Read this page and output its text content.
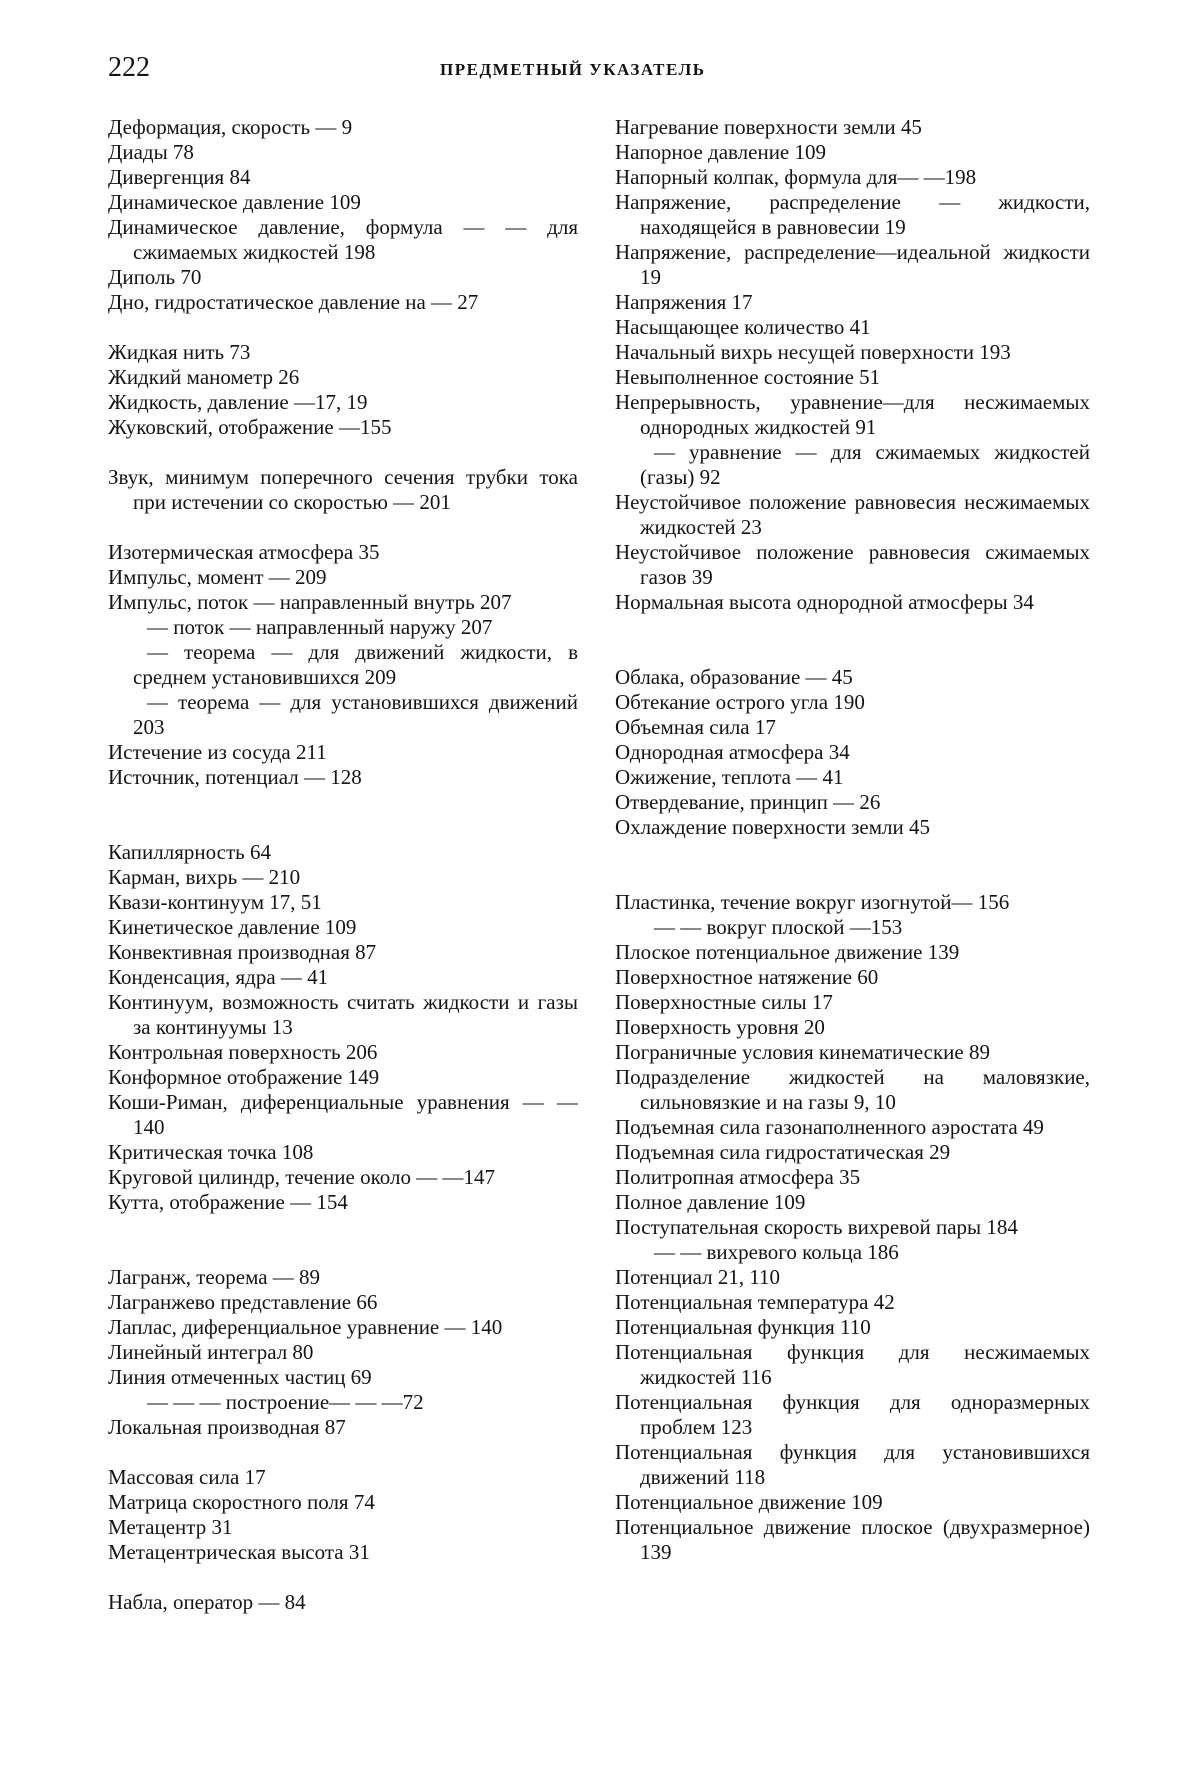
222	ПРЕДМЕТНЫЙ УКАЗАТЕЛЬ

Деформация, скорость — 9

Диады 78

Дивергенция 84

Динамическое давление 109

Динамическое давление, формула — — для сжимаемых жидкостей 198

Диполь 70

Дно, гидростатическое давление на — 27

Жидкая нить 73

Жидкий манометр 26

Жидкость, давление —17, 19

Жуковский, отображение —155

Звук, минимум поперечного сечения трубки тока при истечении со скоростью — 201

Изотермическая атмосфера 35

Импульс, момент — 209

Импульс, поток — направленный внутрь 207

— поток — направленный наружу 207

— теорема — для движений жидкости, в среднем установившихся 209

— теорема — для установившихся движений 203

Истечение из сосуда 211

Источник, потенциал — 128

Капиллярность 64

Карман, вихрь — 210

Квази-континуум 17, 51

Кинетическое давление 109

Конвективная производная 87

Конденсация, ядра — 41

Континуум, возможность считать жидкости и газы за континуумы 13

Контрольная поверхность 206

Конформное отображение 149

Коши-Риман, диференциальные уравнения — — 140

Критическая точка 108

Круговой цилиндр, течение около — —147

Кутта, отображение — 154

Лагранж, теорема — 89

Лагранжево представление 66

Лаплас, диференциальное уравнение — 140

Линейный интеграл 80

Линия отмеченных частиц 69

— — — построение— — —72

Локальная производная 87

Массовая сила 17

Матрица скоростного поля 74

Метацентр 31

Метацентрическая высота 31

Набла, оператор — 84

Нагревание поверхности земли 45

Напорное давление 109

Напорный колпак, формула для— —198

Напряжение, распределение — жидкости, находящейся в равновесии 19

Напряжение, распределение—идеальной жидкости 19

Напряжения 17

Насыщающее количество 41

Начальный вихрь несущей поверхности 193

Невыполненное состояние 51

Непрерывность, уравнение—для несжимаемых однородных жидкостей 91

— уравнение — для сжимаемых жидкостей (газы) 92

Неустойчивое положение равновесия несжимаемых жидкостей 23

Неустойчивое положение равновесия сжимаемых газов 39

Нормальная высота однородной атмосферы 34

Облака, образование — 45

Обтекание острого угла 190

Объемная сила 17

Однородная атмосфера 34

Ожижение, теплота — 41

Отвердевание, принцип — 26

Охлаждение поверхности земли 45

Пластинка, течение вокруг изогнутой— 156

— — вокруг плоской —153

Плоское потенциальное движение 139

Поверхностное натяжение 60

Поверхностные силы 17

Поверхность уровня 20

Пограничные условия кинематические 89

Подразделение жидкостей на маловязкие, сильновязкие и на газы 9, 10

Подъемная сила газонаполненного аэростата 49

Подъемная сила гидростатическая 29

Политропная атмосфера 35

Полное давление 109

Поступательная скорость вихревой пары 184

— — вихревого кольца 186

Потенциал 21, 110

Потенциальная температура 42

Потенциальная функция 110

Потенциальная функция для несжимаемых жидкостей 116

Потенциальная функция для одноразмерных проблем 123

Потенциальная функция для установившихся движений 118

Потенциальное движение 109

Потенциальное движение плоское (двухразмерное) 139
